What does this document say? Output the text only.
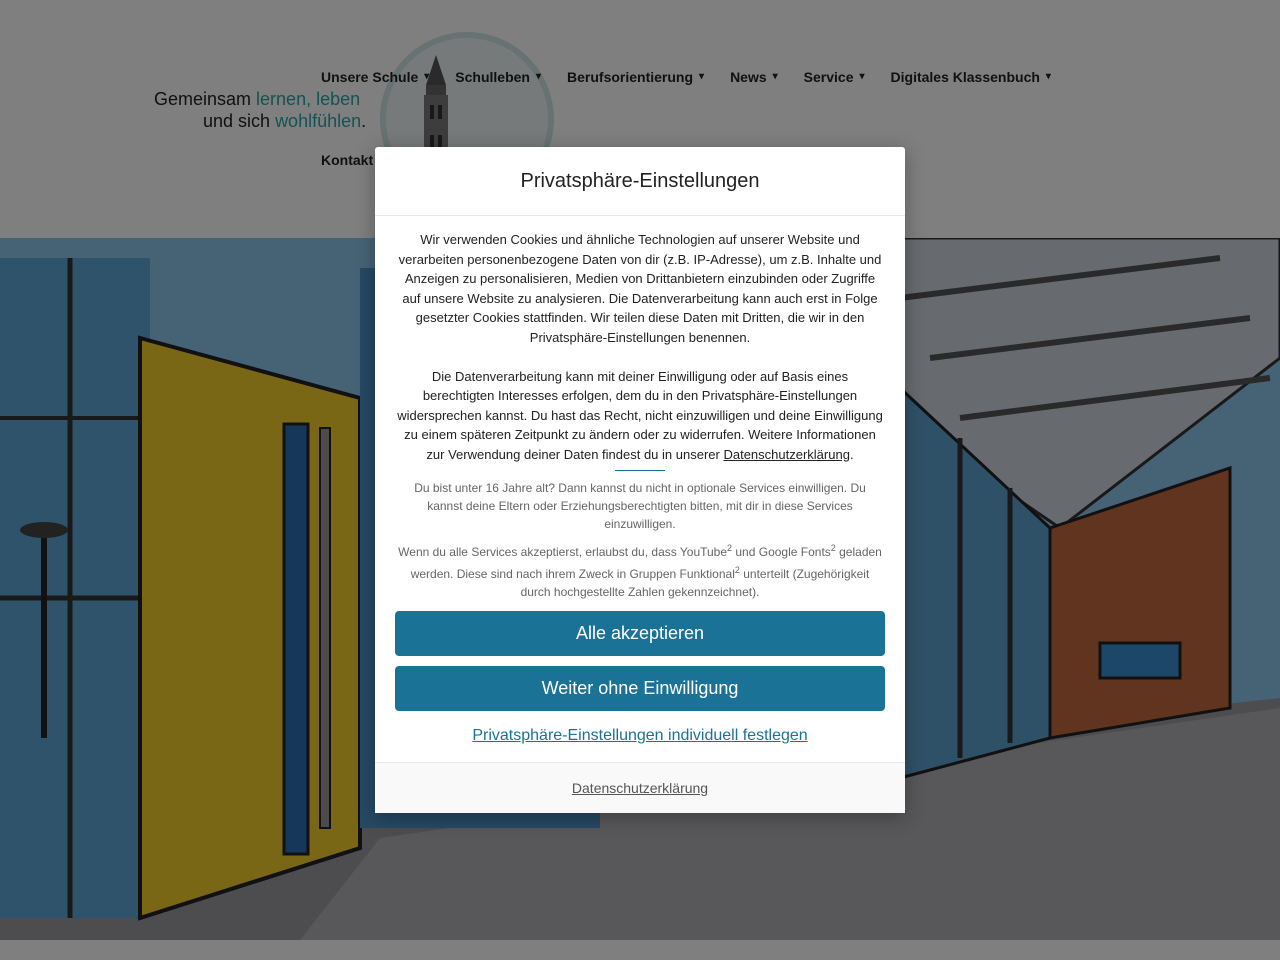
Privatsphäre-Einstellungen

Wir verwenden Cookies und ähnliche Technologien auf unserer Website und verarbeiten personenbezogene Daten von dir (z.B. IP-Adresse), um z.B. Inhalte und Anzeigen zu personalisieren, Medien von Drittanbietern einzubinden oder Zugriffe auf unsere Website zu analysieren. Die Datenverarbeitung kann auch erst in Folge gesetzter Cookies stattfinden. Wir teilen diese Daten mit Dritten, die wir in den Privatsphäre-Einstellungen benennen.

Die Datenverarbeitung kann mit deiner Einwilligung oder auf Basis eines berechtigten Interesses erfolgen, dem du in den Privatsphäre-Einstellungen widersprechen kannst. Du hast das Recht, nicht einzuwilligen und deine Einwilligung zu einem späteren Zeitpunkt zu ändern oder zu widerrufen. Weitere Informationen zur Verwendung deiner Daten findest du in unserer Datenschutzerklärung.

Du bist unter 16 Jahre alt? Dann kannst du nicht in optionale Services einwilligen. Du kannst deine Eltern oder Erziehungsberechtigten bitten, mit dir in diese Services einzuwilligen.

Wenn du alle Services akzeptierst, erlaubst du, dass YouTube$^2$ und Google Fonts$^2$ geladen werden. Diese sind nach ihrem Zweck in Gruppen Funktional$^2$ unterteilt (Zugehörigkeit durch hochgestellte Zahlen gekennzeichnet).

Alle akzeptieren
Weiter ohne Einwilligung
Privatsphäre-Einstellungen individuell festlegen
Datenschutzerklärung
